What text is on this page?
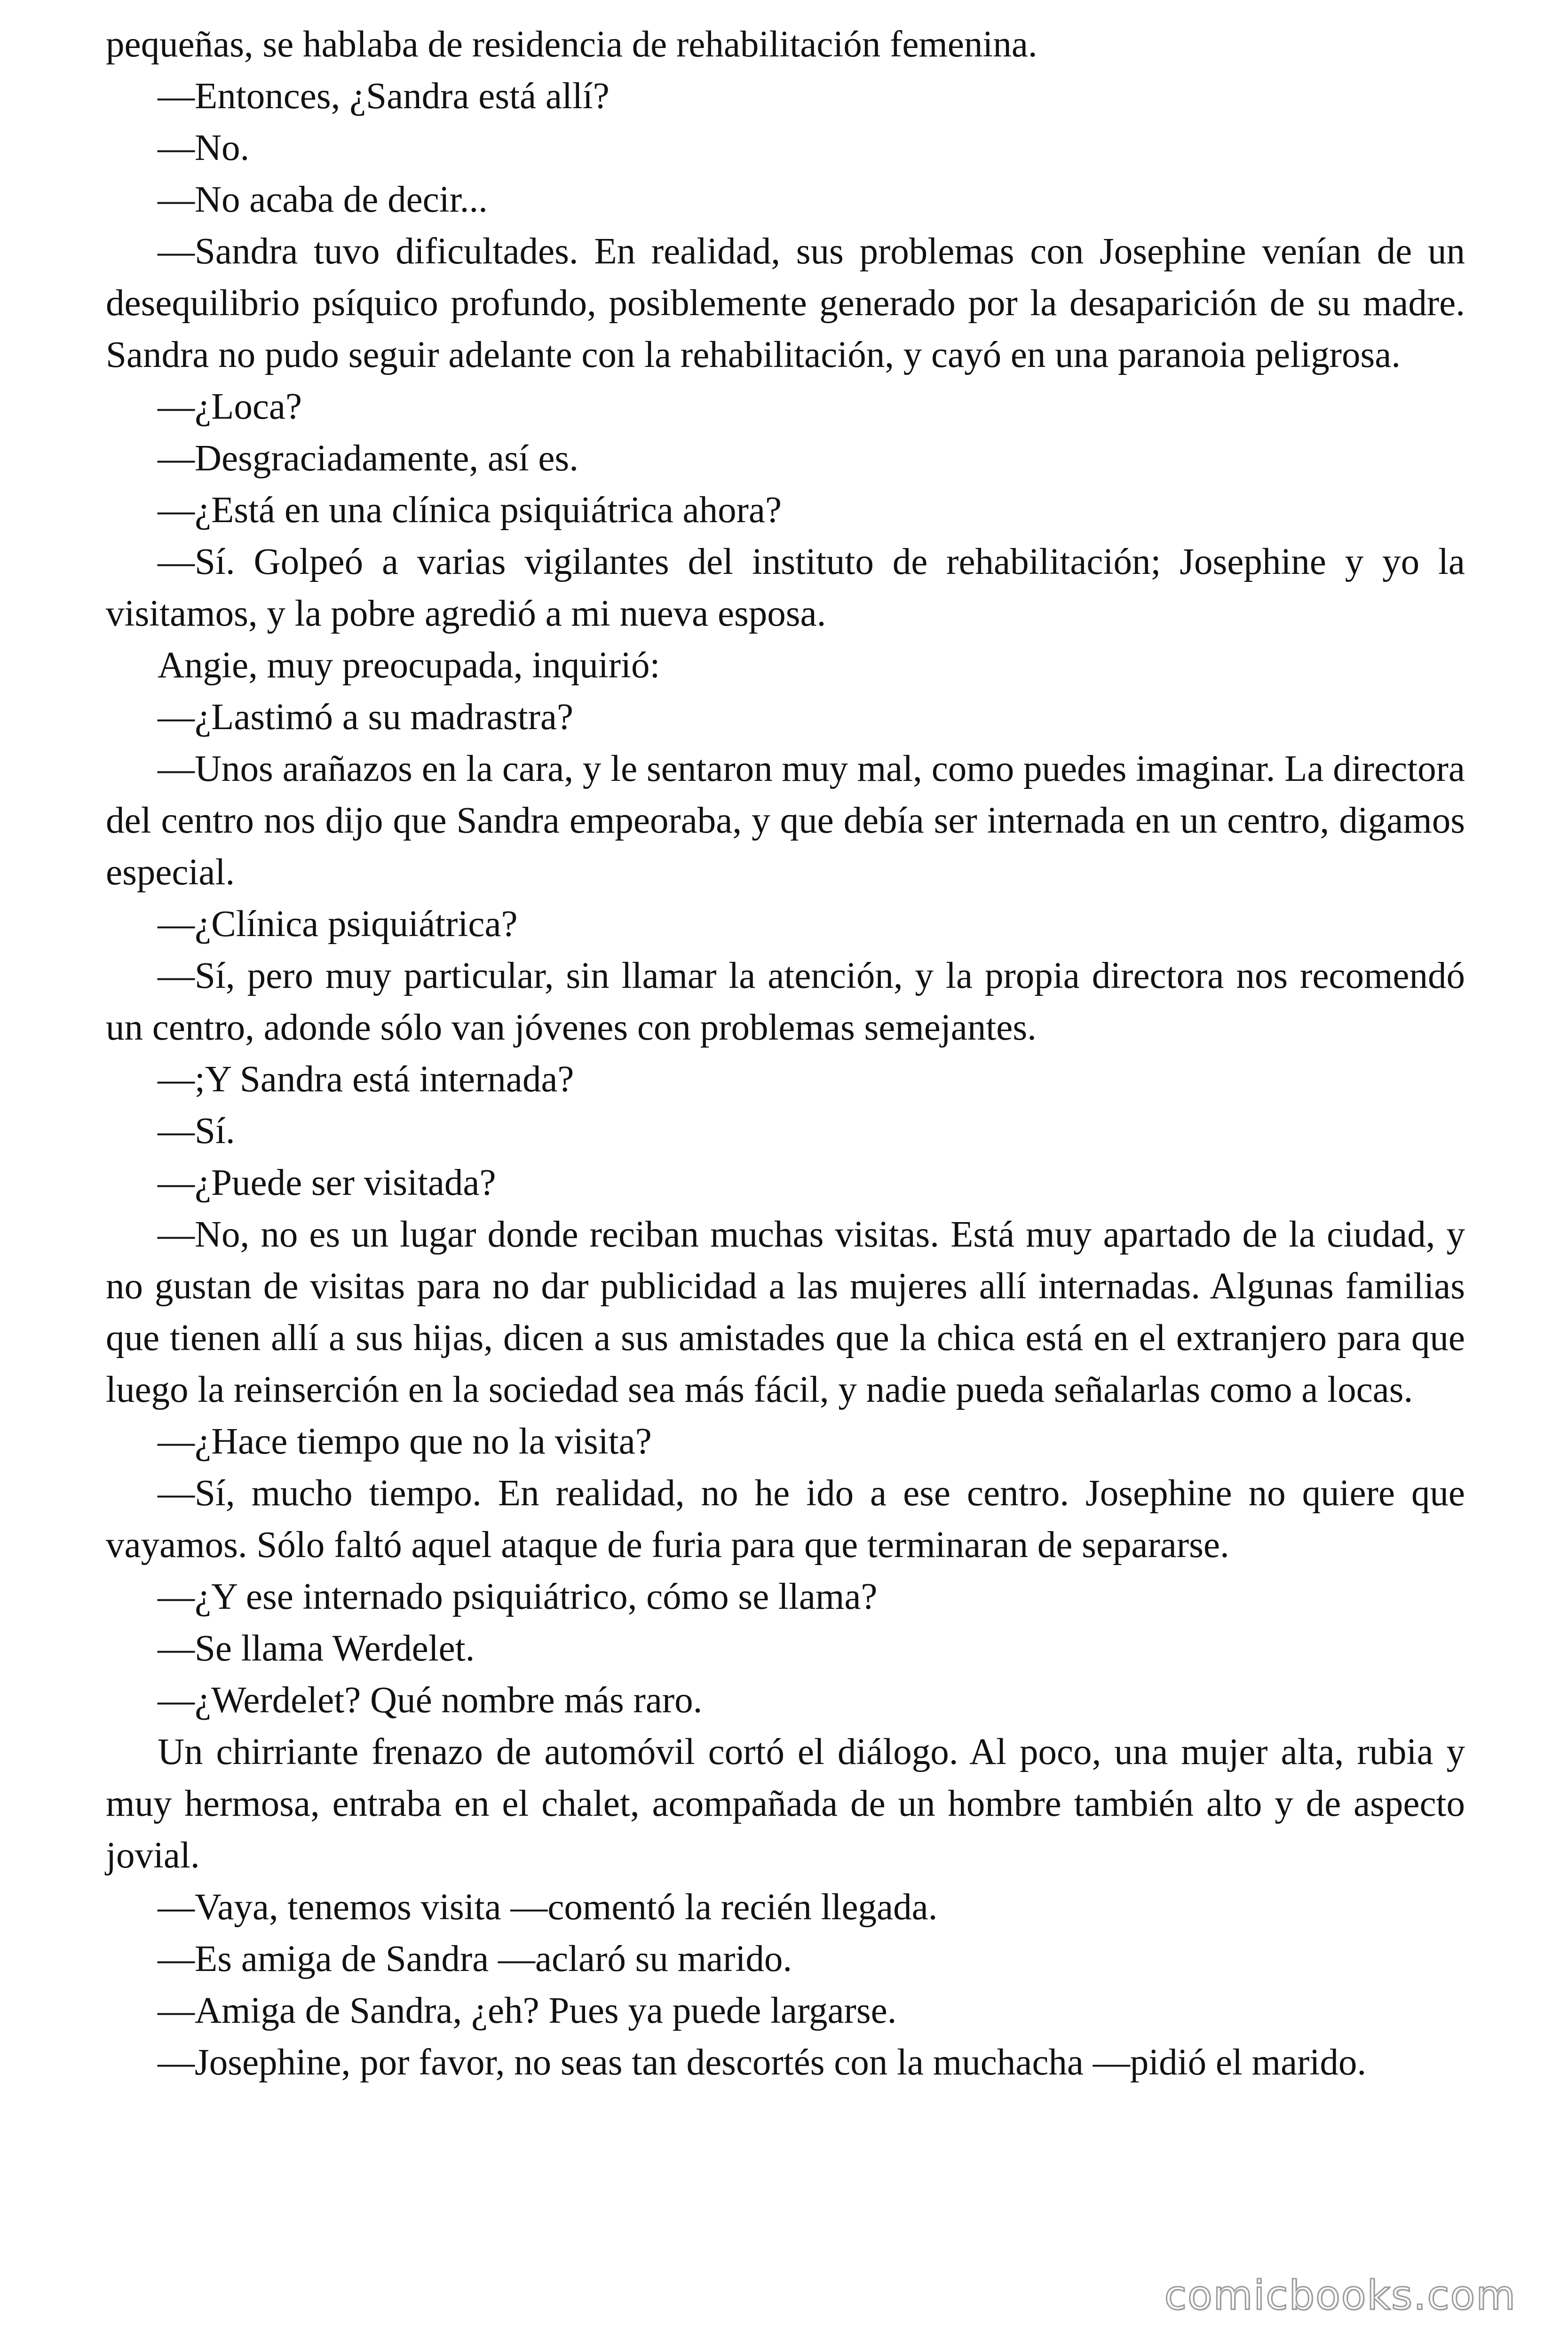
pequeñas, se hablaba de residencia de rehabilitación femenina.

—Entonces, ¿Sandra está allí?

—No.

—No acaba de decir...

—Sandra tuvo dificultades. En realidad, sus problemas con Josephine venían de un desequilibrio psíquico profundo, posiblemente generado por la desaparición de su madre. Sandra no pudo seguir adelante con la rehabilitación, y cayó en una paranoia peligrosa.

—¿Loca?

—Desgraciadamente, así es.

—¿Está en una clínica psiquiátrica ahora?

—Sí. Golpeó a varias vigilantes del instituto de rehabilitación; Josephine y yo la visitamos, y la pobre agredió a mi nueva esposa.

Angie, muy preocupada, inquirió:

—¿Lastimó a su madrastra?

—Unos arañazos en la cara, y le sentaron muy mal, como puedes imaginar. La directora del centro nos dijo que Sandra empeoraba, y que debía ser internada en un centro, digamos especial.

—¿Clínica psiquiátrica?

—Sí, pero muy particular, sin llamar la atención, y la propia directora nos recomendó un centro, adonde sólo van jóvenes con problemas semejantes.

—;Y Sandra está internada?

—Sí.

—¿Puede ser visitada?

—No, no es un lugar donde reciban muchas visitas. Está muy apartado de la ciudad, y no gustan de visitas para no dar publicidad a las mujeres allí internadas. Algunas familias que tienen allí a sus hijas, dicen a sus amistades que la chica está en el extranjero para que luego la reinserción en la sociedad sea más fácil, y nadie pueda señalarlas como a locas.

—¿Hace tiempo que no la visita?

—Sí, mucho tiempo. En realidad, no he ido a ese centro. Josephine no quiere que vayamos. Sólo faltó aquel ataque de furia para que terminaran de separarse.

—¿Y ese internado psiquiátrico, cómo se llama?

—Se llama Werdelet.

—¿Werdelet? Qué nombre más raro.

Un chirriante frenazo de automóvil cortó el diálogo. Al poco, una mujer alta, rubia y muy hermosa, entraba en el chalet, acompañada de un hombre también alto y de aspecto jovial.

—Vaya, tenemos visita —comentó la recién llegada.

—Es amiga de Sandra —aclaró su marido.

—Amiga de Sandra, ¿eh? Pues ya puede largarse.

—Josephine, por favor, no seas tan descortés con la muchacha —pidió el marido.

comicbooks.com
